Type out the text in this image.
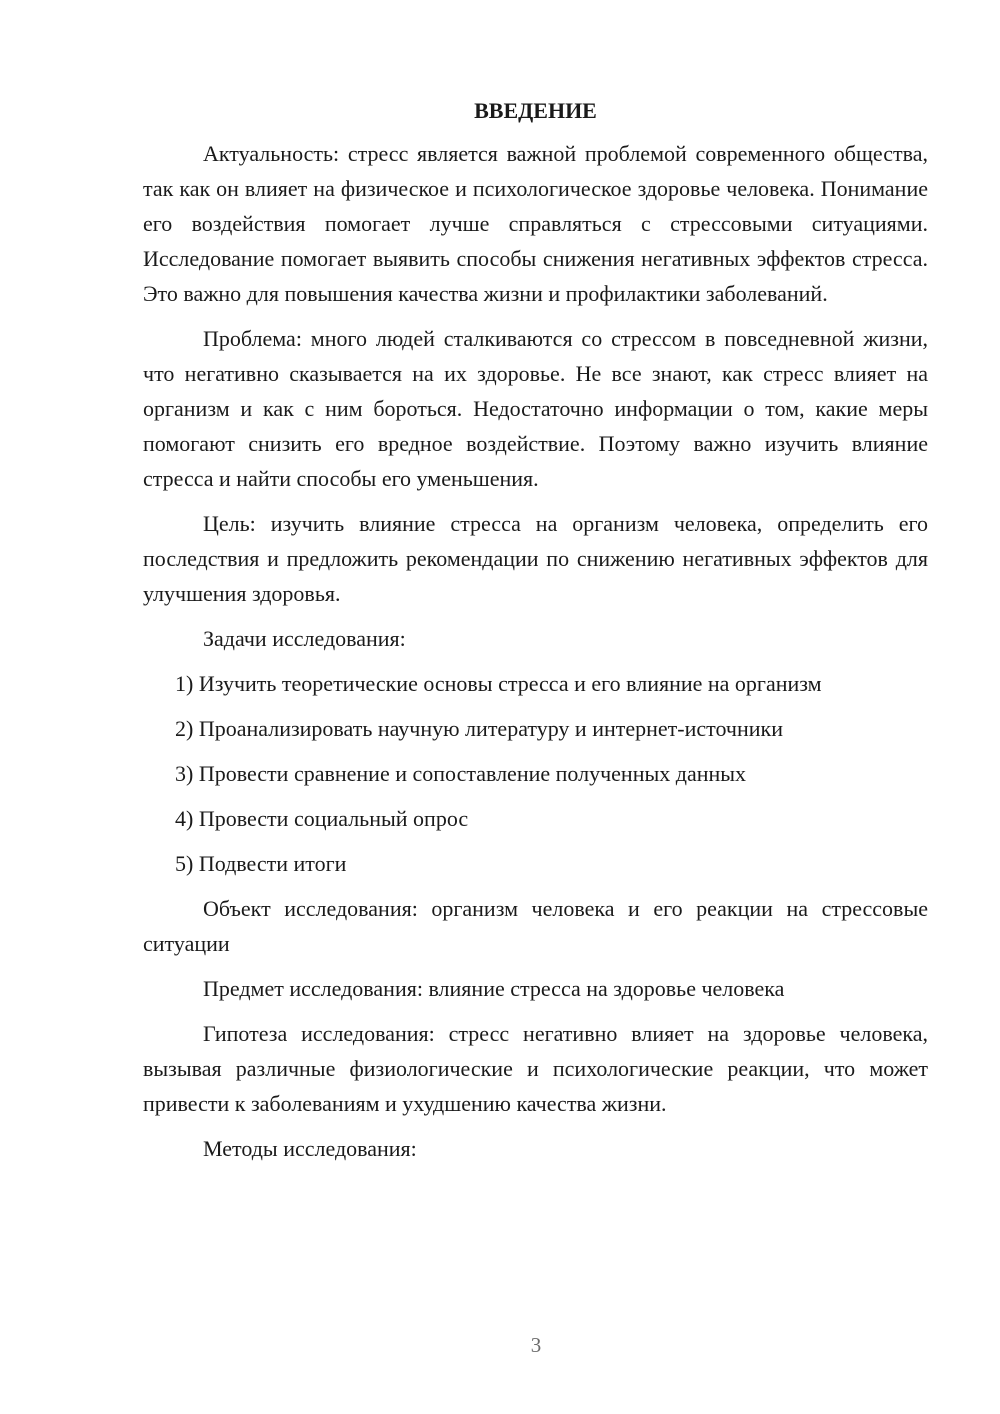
ВВЕДЕНИЕ

Актуальность: стресс является важной проблемой современного общества, так как он влияет на физическое и психологическое здоровье человека. Понимание его воздействия помогает лучше справляться с стрессовыми ситуациями. Исследование помогает выявить способы снижения негативных эффектов стресса. Это важно для повышения качества жизни и профилактики заболеваний.

Проблема: много людей сталкиваются со стрессом в повседневной жизни, что негативно сказывается на их здоровье. Не все знают, как стресс влияет на организм и как с ним бороться. Недостаточно информации о том, какие меры помогают снизить его вредное воздействие. Поэтому важно изучить влияние стресса и найти способы его уменьшения.

Цель: изучить влияние стресса на организм человека, определить его последствия и предложить рекомендации по снижению негативных эффектов для улучшения здоровья.

Задачи исследования:

1) Изучить теоретические основы стресса и его влияние на организм

2) Проанализировать научную литературу и интернет-источники

3) Провести сравнение и сопоставление полученных данных

4) Провести социальный опрос

5) Подвести итоги

Объект исследования: организм человека и его реакции на стрессовые ситуации

Предмет исследования: влияние стресса на здоровье человека

Гипотеза исследования: стресс негативно влияет на здоровье человека, вызывая различные физиологические и психологические реакции, что может привести к заболеваниям и ухудшению качества жизни.

Методы исследования:

3
